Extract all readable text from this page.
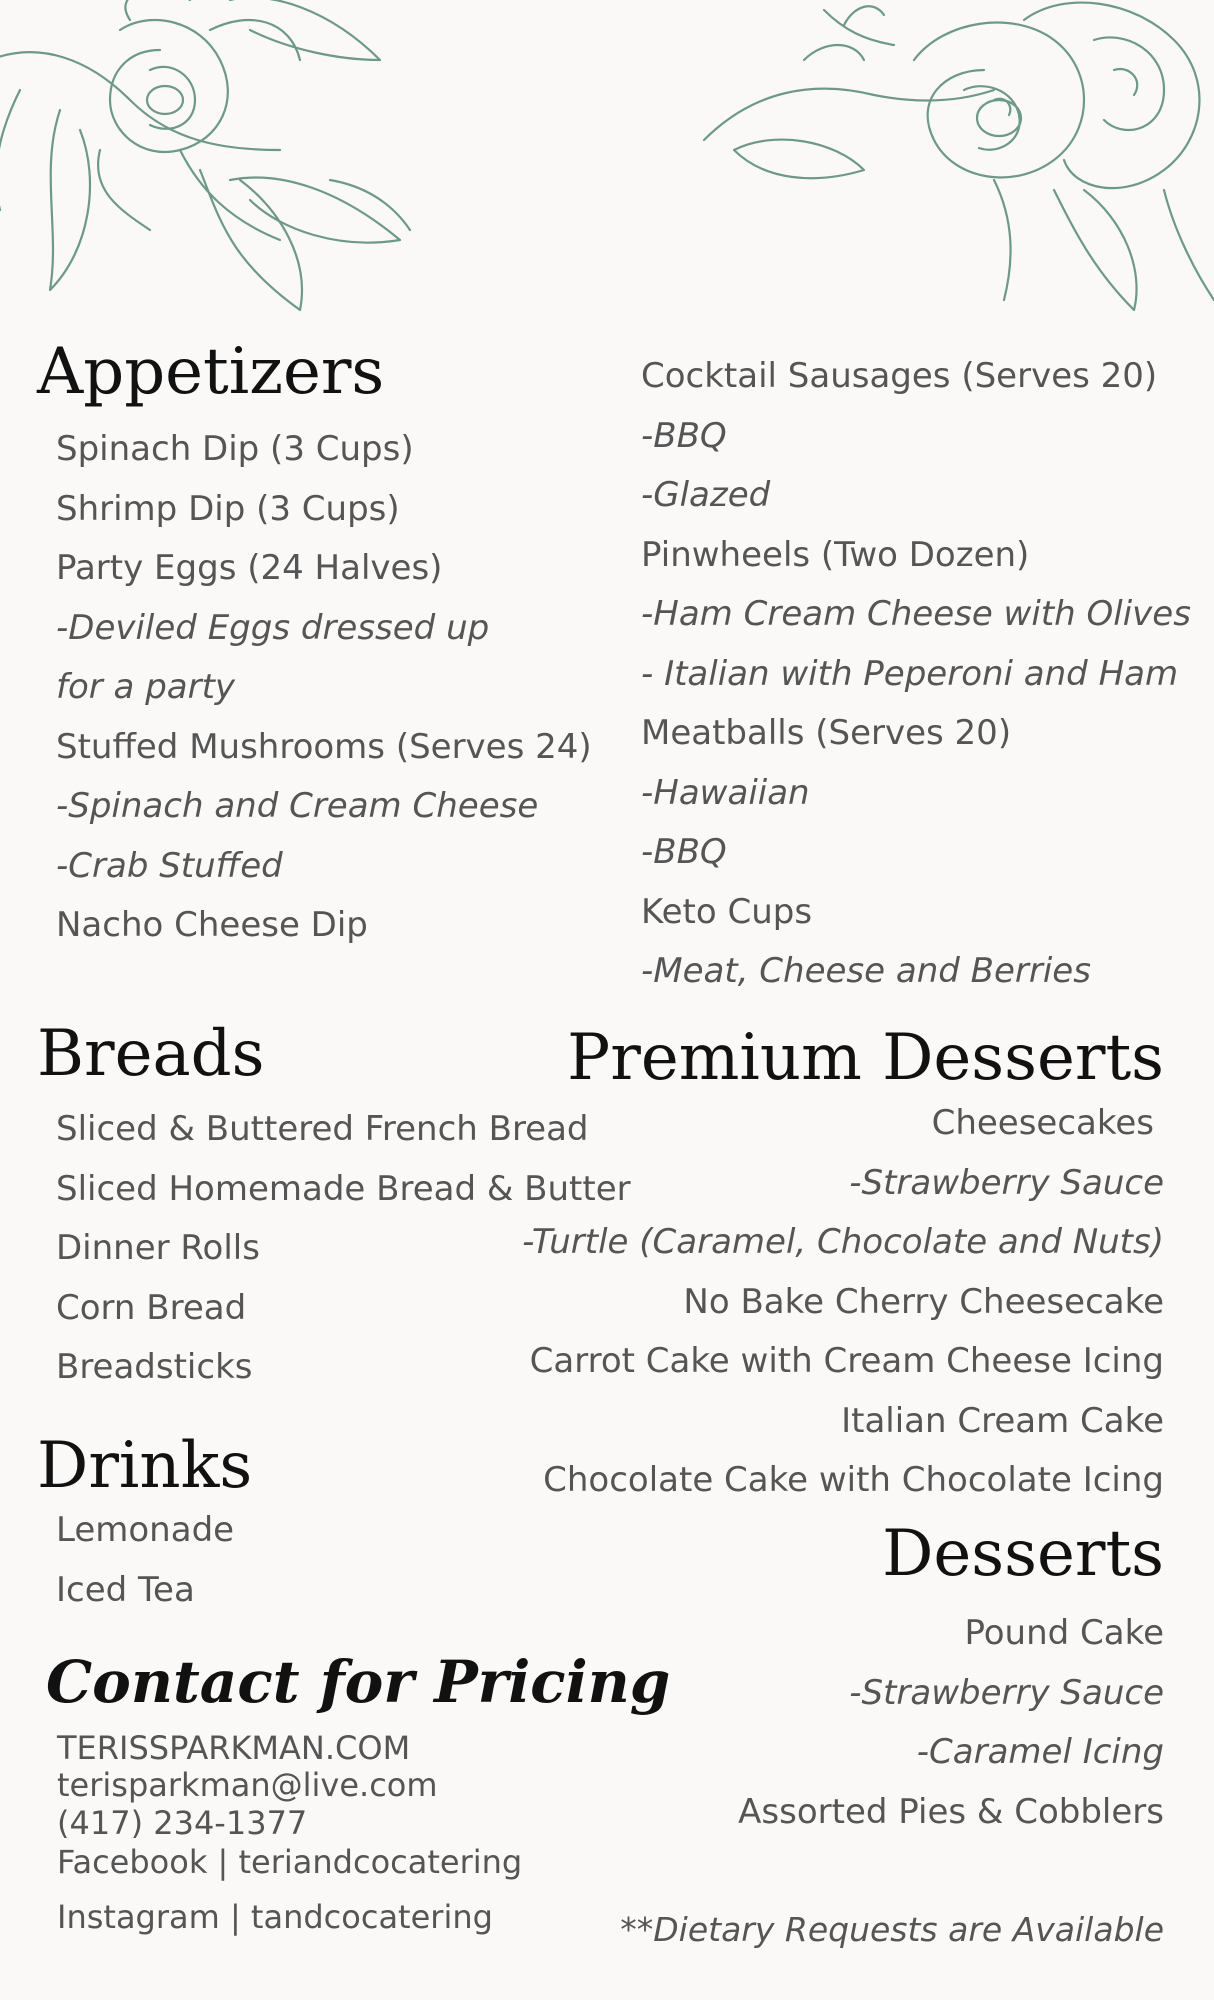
Appetizers
Spinach Dip (3 Cups)
Shrimp Dip (3 Cups)
Party Eggs (24 Halves)
-Deviled Eggs dressed up
for a party
Stuffed Mushrooms (Serves 24)
-Spinach and Cream Cheese
-Crab Stuffed
Nacho Cheese Dip
Cocktail Sausages (Serves 20)
-BBQ
-Glazed
Pinwheels (Two Dozen)
-Ham Cream Cheese with Olives
- Italian with Peperoni and Ham
Meatballs (Serves 20)
-Hawaiian
-BBQ
Keto Cups
-Meat, Cheese and Berries
Breads
Sliced & Buttered French Bread
Sliced Homemade Bread & Butter
Dinner Rolls
Corn Bread
Breadsticks
Drinks
Lemonade
Iced Tea
Premium Desserts
Cheesecakes
-Strawberry Sauce
-Turtle (Caramel, Chocolate and Nuts)
No Bake Cherry Cheesecake
Carrot Cake with Cream Cheese Icing
Italian Cream Cake
Chocolate Cake with Chocolate Icing
Desserts
Pound Cake
-Strawberry Sauce
-Caramel Icing
Assorted Pies & Cobblers
Contact for Pricing
TERISSPARKMAN.COM
terisparkman@live.com
(417) 234-1377
Facebook | teriandcocatering
Instagram | tandcocatering	**Dietary Requests are Available
